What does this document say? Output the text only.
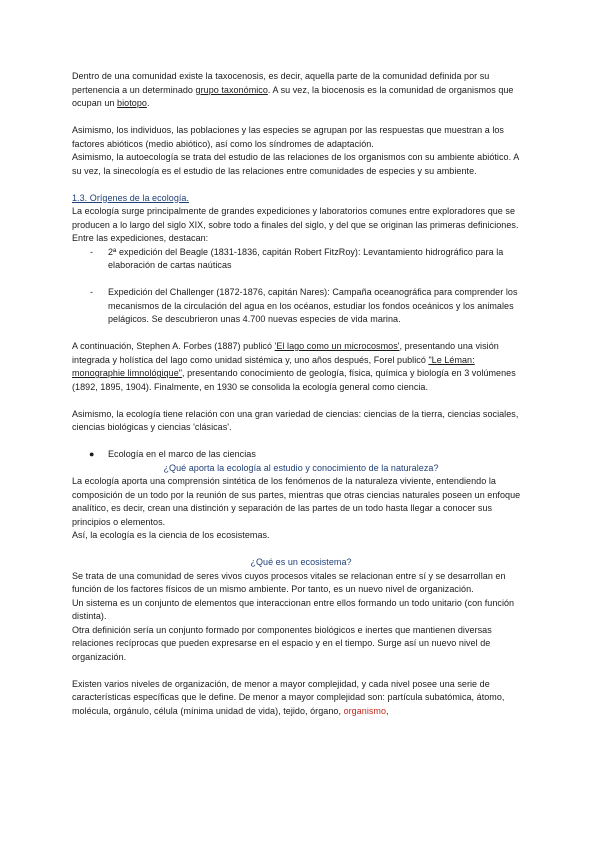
Dentro de una comunidad existe la taxocenosis, es decir, aquella parte de la comunidad definida por su pertenencia a un determinado grupo taxonómico. A su vez, la biocenosis es la comunidad de organismos que ocupan un biotopo.

Asimismo, los individuos, las poblaciones y las especies se agrupan por las respuestas que muestran a los factores abióticos (medio abiótico), así como los síndromes de adaptación.

Asimismo, la autoecología se trata del estudio de las relaciones de los organismos con su ambiente abiótico. A su vez, la sinecología es el estudio de las relaciones entre comunidades de especies y su ambiente.

1.3. Orígenes de la ecología.

La ecología surge principalmente de grandes expediciones y laboratorios comunes entre exploradores que se producen a lo largo del siglo XIX, sobre todo a finales del siglo, y del que se originan las primeras definiciones. Entre las expediciones, destacan:

- 2ª expedición del Beagle (1831-1836, capitán Robert FitzRoy): Levantamiento hidrográfico para la elaboración de cartas naúticas
- Expedición del Challenger (1872-1876, capitán Nares): Campaña oceanográfica para comprender los mecanismos de la circulación del agua en los océanos, estudiar los fondos oceánicos y los animales pelágicos. Se descubrieron unas 4.700 nuevas especies de vida marina.

A continuación, Stephen A. Forbes (1887) publicó 'El lago como un microcosmos', presentando una visión integrada y holística del lago como unidad sistémica y, uno años después, Forel publicó "Le Léman: monographie limnológique", presentando conocimiento de geología, física, química y biología en 3 volúmenes (1892, 1895, 1904). Finalmente, en 1930 se consolida la ecología general como ciencia.

Asimismo, la ecología tiene relación con una gran variedad de ciencias: ciencias de la tierra, ciencias sociales, ciencias biológicas y ciencias 'clásicas'.

● Ecología en el marco de las ciencias

¿Qué aporta la ecología al estudio y conocimiento de la naturaleza?

La ecología aporta una comprensión sintética de los fenómenos de la naturaleza viviente, entendiendo la composición de un todo por la reunión de sus partes, mientras que otras ciencias naturales poseen un enfoque analítico, es decir, crean una distinción y separación de las partes de un todo hasta llegar a conocer sus principios o elementos.

Así, la ecología es la ciencia de los ecosistemas.

¿Qué es un ecosistema?

Se trata de una comunidad de seres vivos cuyos procesos vitales se relacionan entre sí y se desarrollan en función de los factores físicos de un mismo ambiente. Por tanto, es un nuevo nivel de organización.

Un sistema es un conjunto de elementos que interaccionan entre ellos formando un todo unitario (con función distinta).

Otra definición sería un conjunto formado por componentes biológicos e inertes que mantienen diversas relaciones recíprocas que pueden expresarse en el espacio y en el tiempo. Surge así un nuevo nivel de organización.

Existen varios niveles de organización, de menor a mayor complejidad, y cada nivel posee una serie de características específicas que le define. De menor a mayor complejidad son: partícula subatómica, átomo, molécula, orgánulo, célula (mínima unidad de vida), tejido, órgano, organismo,
